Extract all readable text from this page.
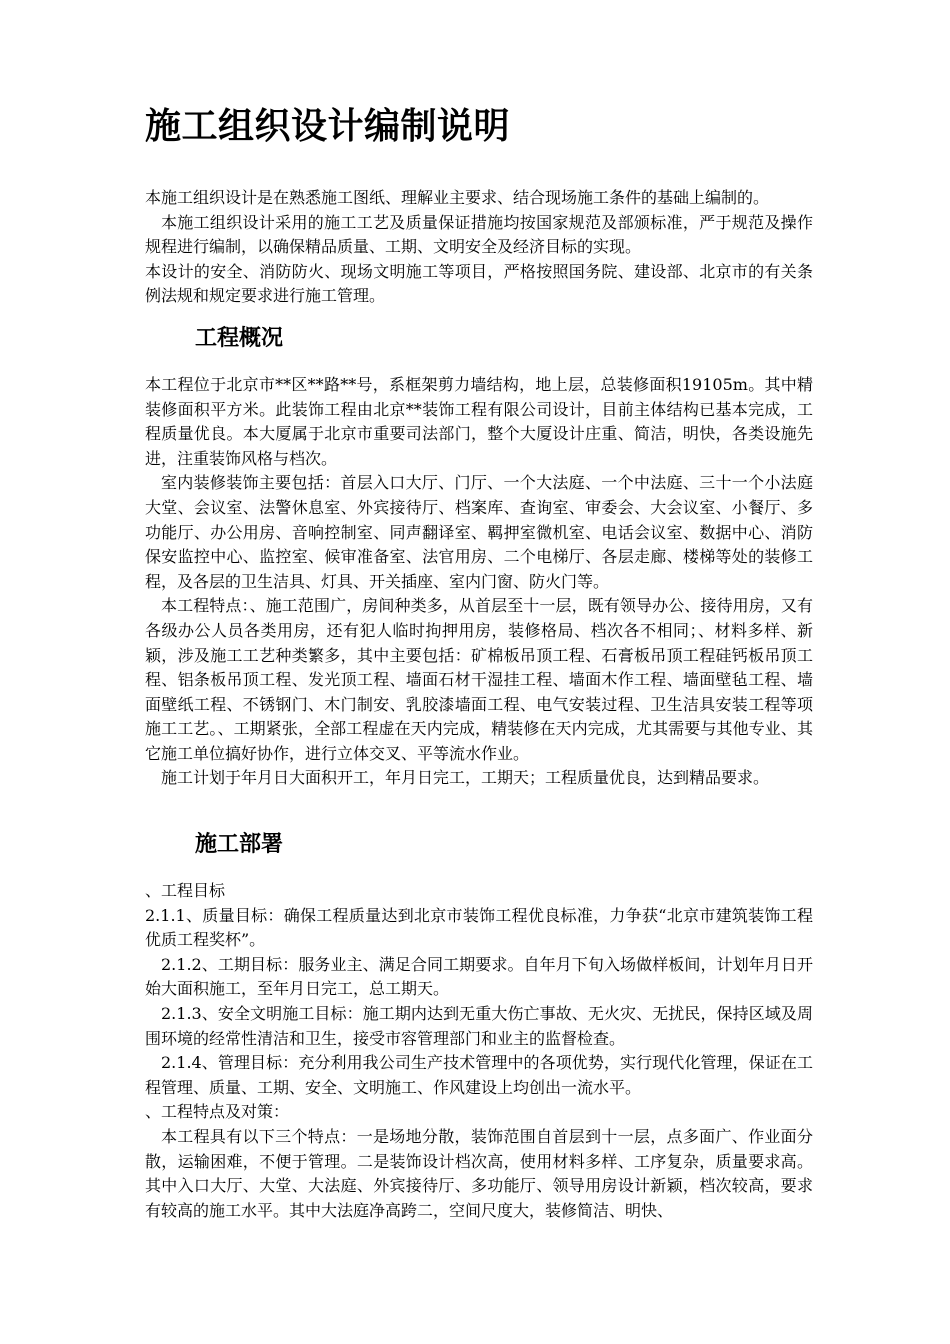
施工组织设计编制说明

本施工组织设计是在熟悉施工图纸、理解业主要求、结合现场施工条件的基础上编制的。

本施工组织设计采用的施工工艺及质量保证措施均按国家规范及部颁标准，严于规范及操作规程进行编制，以确保精品质量、工期、文明安全及经济目标的实现。

本设计的安全、消防防火、现场文明施工等项目，严格按照国务院、建设部、北京市的有关条例法规和规定要求进行施工管理。

工程概况

本工程位于北京市**区**路**号，系框架剪力墙结构，地上层，总装修面积19105m。其中精装修面积平方米。此装饰工程由北京**装饰工程有限公司设计，目前主体结构已基本完成，工程质量优良。本大厦属于北京市重要司法部门，整个大厦设计庄重、简洁，明快，各类设施先进，注重装饰风格与档次。

室内装修装饰主要包括：首层入口大厅、门厅、一个大法庭、一个中法庭、三十一个小法庭大堂、会议室、法警休息室、外宾接待厅、档案库、查询室、审委会、大会议室、小餐厅、多功能厅、办公用房、音响控制室、同声翻译室、羁押室微机室、电话会议室、数据中心、消防保安监控中心、监控室、候审准备室、法官用房、二个电梯厅、各层走廊、楼梯等处的装修工程，及各层的卫生洁具、灯具、开关插座、室内门窗、防火门等。

本工程特点：、施工范围广，房间种类多，从首层至十一层，既有领导办公、接待用房，又有各级办公人员各类用房，还有犯人临时拘押用房，装修格局、档次各不相同；、材料多样、新颖，涉及施工工艺种类繁多，其中主要包括：矿棉板吊顶工程、石膏板吊顶工程硅钙板吊顶工程、铝条板吊顶工程、发光顶工程、墙面石材干湿挂工程、墙面木作工程、墙面壁毡工程、墙面壁纸工程、不锈钢门、木门制安、乳胶漆墙面工程、电气安装过程、卫生洁具安装工程等项施工工艺。、工期紧张，全部工程虚在天内完成，精装修在天内完成，尤其需要与其他专业、其它施工单位搞好协作，进行立体交叉、平等流水作业。

施工计划于年月日大面积开工，年月日完工，工期天；工程质量优良，达到精品要求。

施工部署

、工程目标

2.1.1、质量目标：确保工程质量达到北京市装饰工程优良标准，力争获“北京市建筑装饰工程优质工程奖杯”。

2.1.2、工期目标：服务业主、满足合同工期要求。自年月下旬入场做样板间，计划年月日开始大面积施工，至年月日完工，总工期天。

2.1.3、安全文明施工目标：施工期内达到无重大伤亡事故、无火灾、无扰民，保持区域及周围环境的经常性清洁和卫生，接受市容管理部门和业主的监督检查。

2.1.4、管理目标：充分利用我公司生产技术管理中的各项优势，实行现代化管理，保证在工程管理、质量、工期、安全、文明施工、作风建设上均创出一流水平。

、工程特点及对策：

本工程具有以下三个特点：一是场地分散，装饰范围自首层到十一层，点多面广、作业面分散，运输困难，不便于管理。二是装饰设计档次高，使用材料多样、工序复杂，质量要求高。其中入口大厅、大堂、大法庭、外宾接待厅、多功能厅、领导用房设计新颖，档次较高，要求有较高的施工水平。其中大法庭净高跨二，空间尺度大，装修简洁、明快、
